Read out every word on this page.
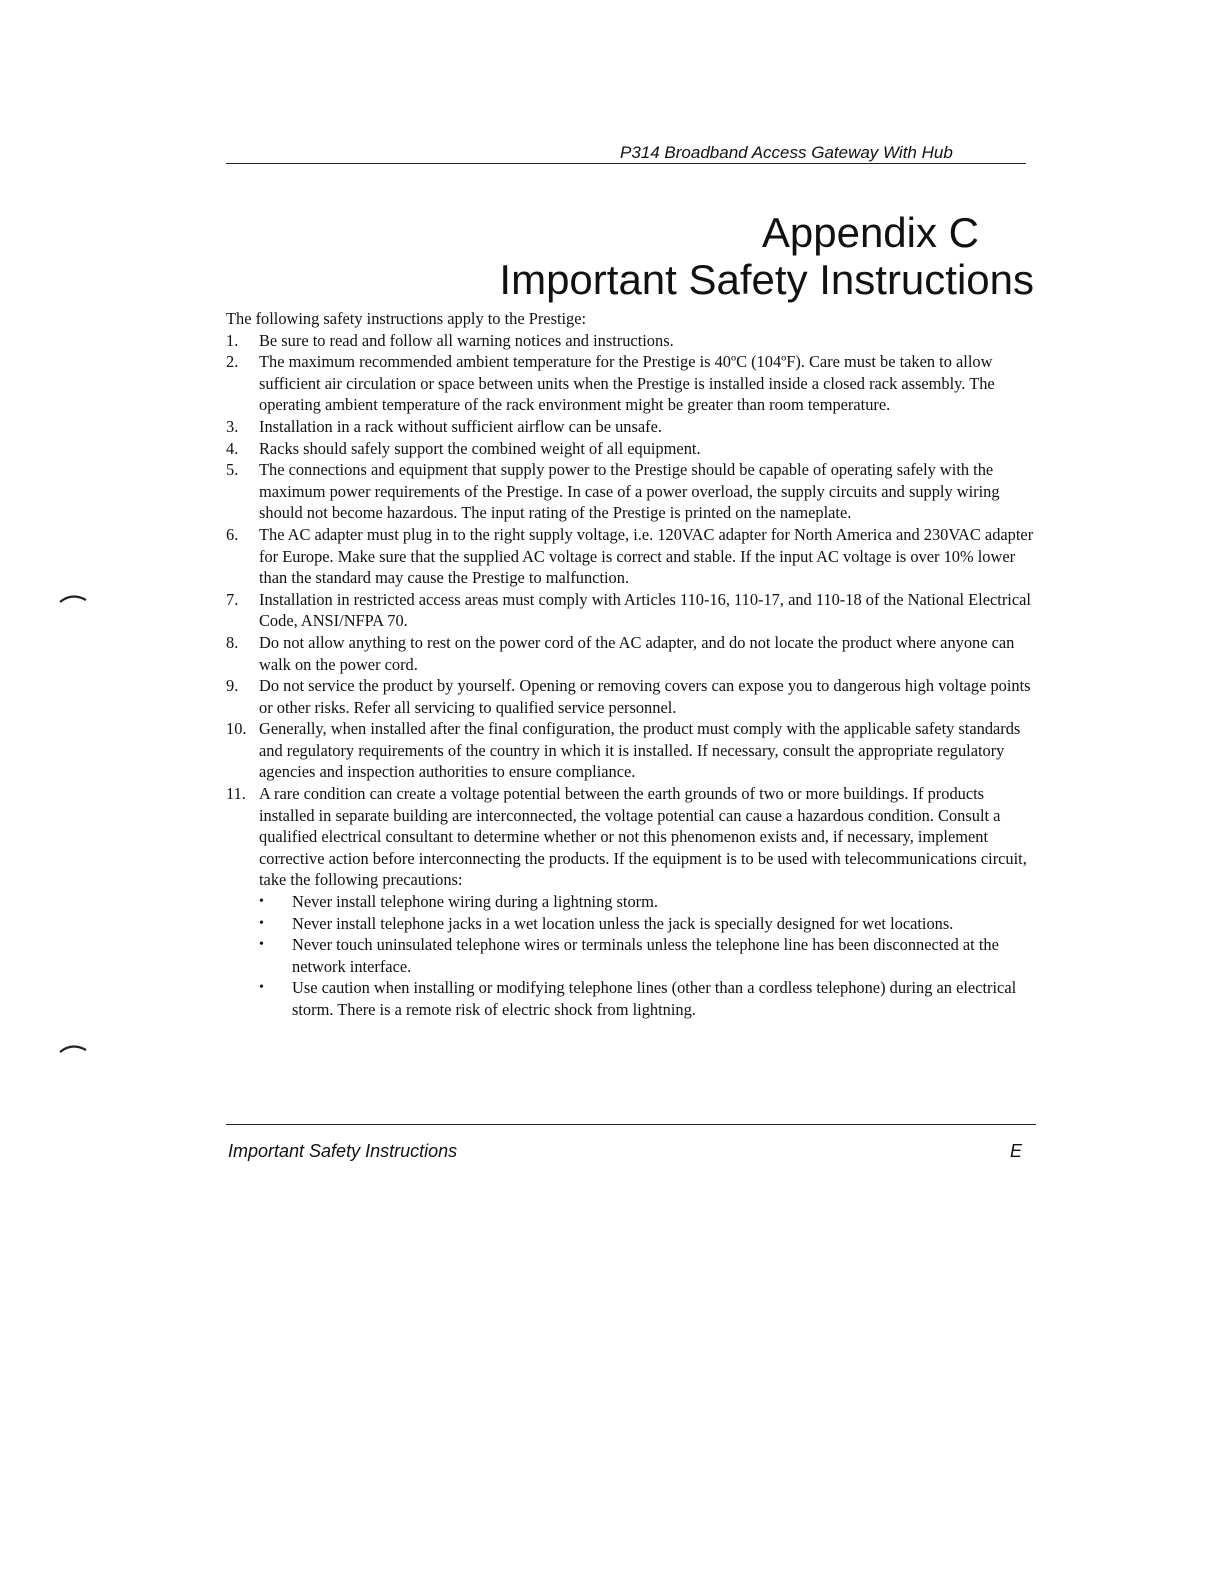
P314 Broadband Access Gateway With Hub
Appendix C
Important Safety Instructions

The following safety instructions apply to the Prestige:

1. Be sure to read and follow all warning notices and instructions.
2. The maximum recommended ambient temperature for the Prestige is 40ºC (104ºF). Care must be taken to allow sufficient air circulation or space between units when the Prestige is installed inside a closed rack assembly. The operating ambient temperature of the rack environment might be greater than room temperature.
3. Installation in a rack without sufficient airflow can be unsafe.
4. Racks should safely support the combined weight of all equipment.
5. The connections and equipment that supply power to the Prestige should be capable of operating safely with the maximum power requirements of the Prestige. In case of a power overload, the supply circuits and supply wiring should not become hazardous. The input rating of the Prestige is printed on the nameplate.
6. The AC adapter must plug in to the right supply voltage, i.e. 120VAC adapter for North America and 230VAC adapter for Europe. Make sure that the supplied AC voltage is correct and stable. If the input AC voltage is over 10% lower than the standard may cause the Prestige to malfunction.
7. Installation in restricted access areas must comply with Articles 110-16, 110-17, and 110-18 of the National Electrical Code, ANSI/NFPA 70.
8. Do not allow anything to rest on the power cord of the AC adapter, and do not locate the product where anyone can walk on the power cord.
9. Do not service the product by yourself. Opening or removing covers can expose you to dangerous high voltage points or other risks. Refer all servicing to qualified service personnel.
10. Generally, when installed after the final configuration, the product must comply with the applicable safety standards and regulatory requirements of the country in which it is installed. If necessary, consult the appropriate regulatory agencies and inspection authorities to ensure compliance.
11. A rare condition can create a voltage potential between the earth grounds of two or more buildings. If products installed in separate building are interconnected, the voltage potential can cause a hazardous condition. Consult a qualified electrical consultant to determine whether or not this phenomenon exists and, if necessary, implement corrective action before interconnecting the products. If the equipment is to be used with telecommunications circuit, take the following precautions:
• Never install telephone wiring during a lightning storm.
• Never install telephone jacks in a wet location unless the jack is specially designed for wet locations.
• Never touch uninsulated telephone wires or terminals unless the telephone line has been disconnected at the network interface.
• Use caution when installing or modifying telephone lines (other than a cordless telephone) during an electrical storm. There is a remote risk of electric shock from lightning.
Important Safety Instructions	E
